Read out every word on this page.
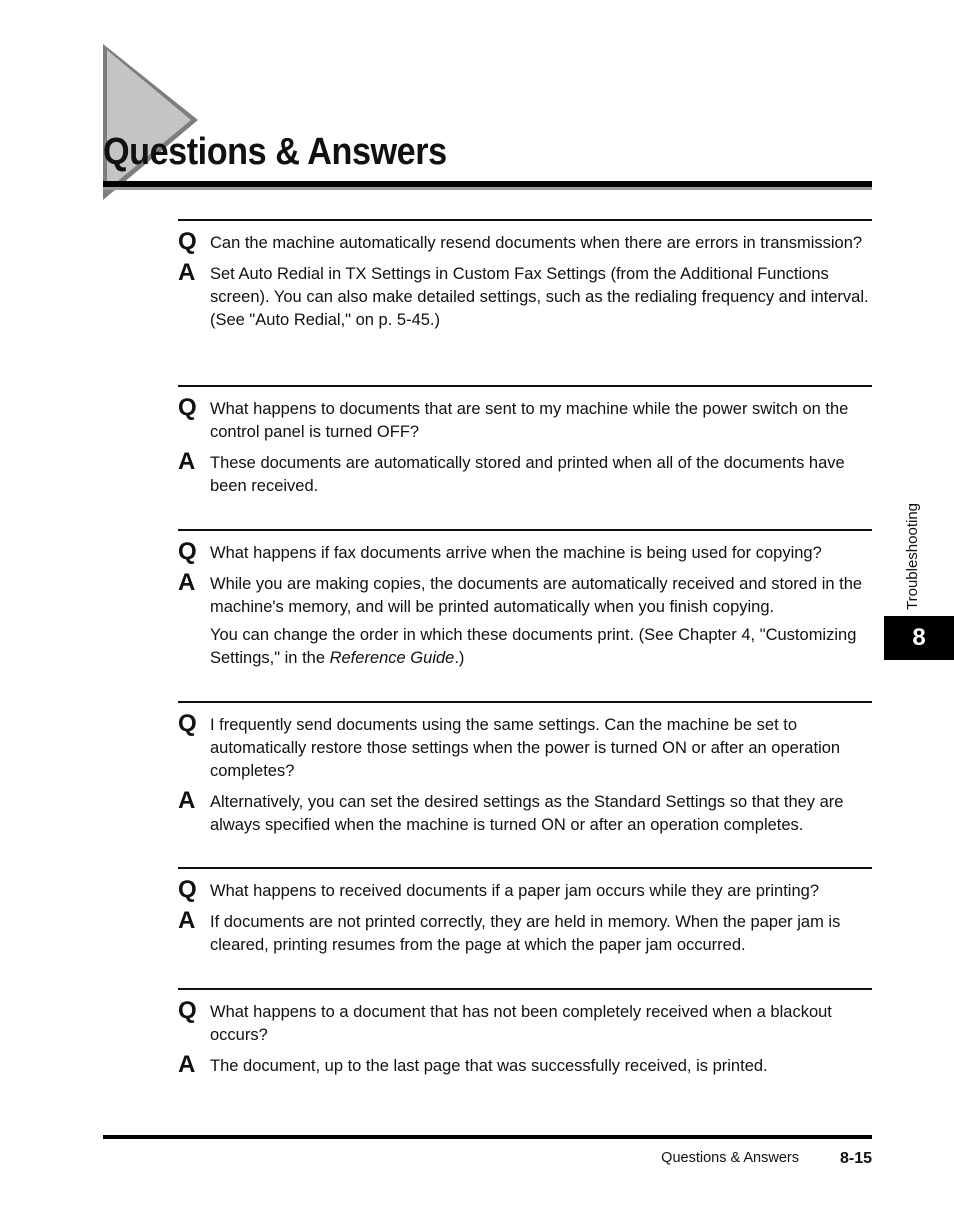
Questions & Answers
Q Can the machine automatically resend documents when there are errors in transmission?
A Set Auto Redial in TX Settings in Custom Fax Settings (from the Additional Functions screen). You can also make detailed settings, such as the redialing frequency and interval. (See "Auto Redial," on p. 5-45.)
Q What happens to documents that are sent to my machine while the power switch on the control panel is turned OFF?
A These documents are automatically stored and printed when all of the documents have been received.
Q What happens if fax documents arrive when the machine is being used for copying?
A While you are making copies, the documents are automatically received and stored in the machine's memory, and will be printed automatically when you finish copying.
You can change the order in which these documents print. (See Chapter 4, "Customizing Settings," in the Reference Guide.)
Q I frequently send documents using the same settings. Can the machine be set to automatically restore those settings when the power is turned ON or after an operation completes?
A Alternatively, you can set the desired settings as the Standard Settings so that they are always specified when the machine is turned ON or after an operation completes.
Q What happens to received documents if a paper jam occurs while they are printing?
A If documents are not printed correctly, they are held in memory. When the paper jam is cleared, printing resumes from the page at which the paper jam occurred.
Q What happens to a document that has not been completely received when a blackout occurs?
A The document, up to the last page that was successfully received, is printed.
Troubleshooting
8
Questions & Answers	8-15
